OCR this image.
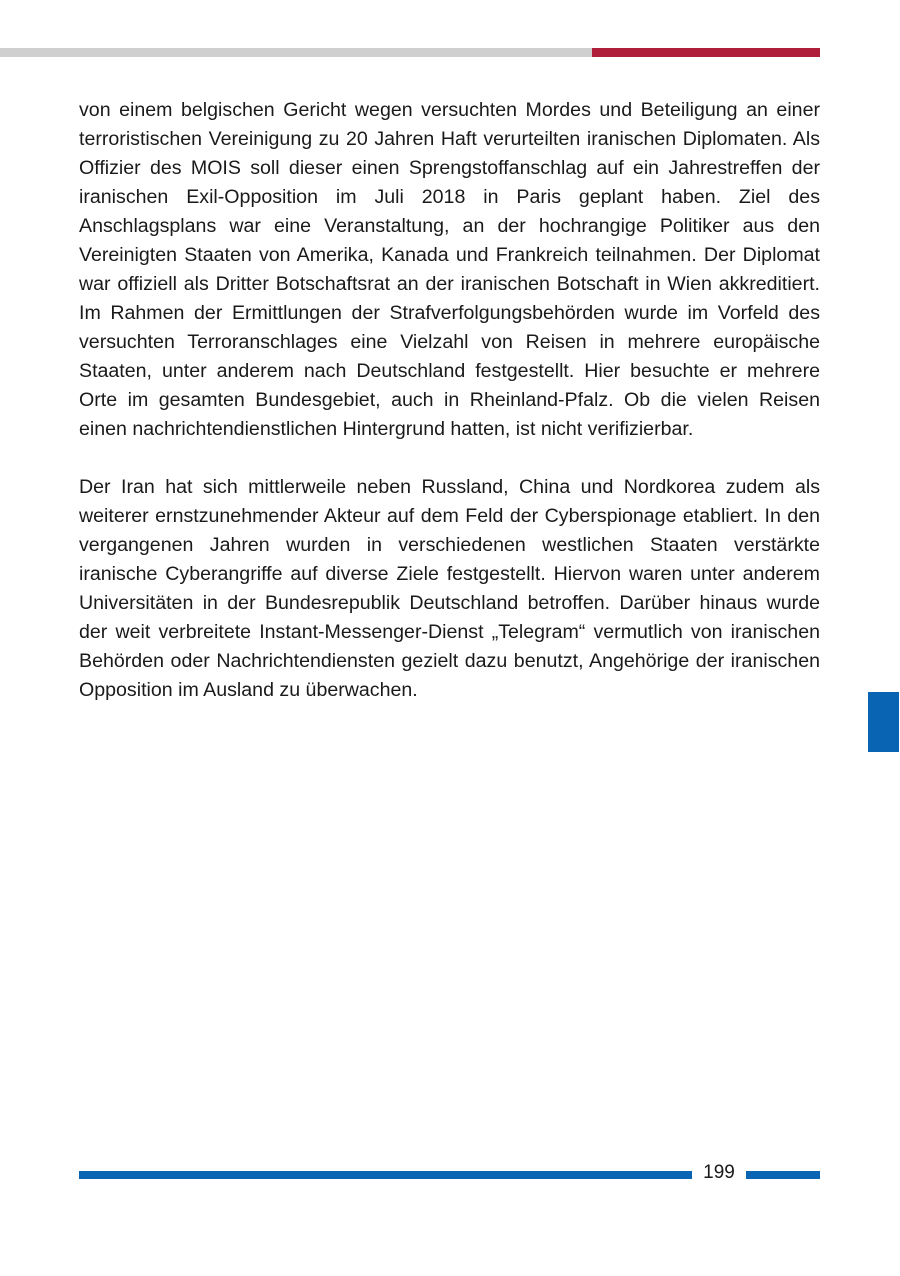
von einem belgischen Gericht wegen versuchten Mordes und Beteiligung an einer terroristischen Vereinigung zu 20 Jahren Haft verurteilten iranischen Diplomaten. Als Offizier des MOIS soll dieser einen Sprengstoffanschlag auf ein Jahrestreffen der iranischen Exil-Opposition im Juli 2018 in Paris geplant haben. Ziel des Anschlagsplans war eine Veranstaltung, an der hochrangige Politiker aus den Vereinigten Staaten von Amerika, Kanada und Frankreich teilnahmen. Der Diplomat war offiziell als Dritter Botschaftsrat an der iranischen Botschaft in Wien akkreditiert. Im Rahmen der Ermittlungen der Strafverfolgungsbehörden wurde im Vorfeld des versuchten Terroranschlages eine Vielzahl von Reisen in mehrere europäische Staaten, unter anderem nach Deutschland festgestellt. Hier besuchte er mehrere Orte im gesamten Bundesgebiet, auch in Rheinland-Pfalz. Ob die vielen Reisen einen nachrichtendienstlichen Hintergrund hatten, ist nicht verifizierbar.

Der Iran hat sich mittlerweile neben Russland, China und Nordkorea zudem als weiterer ernstzunehmender Akteur auf dem Feld der Cyberspionage etabliert. In den vergangenen Jahren wurden in verschiedenen westlichen Staaten verstärkte iranische Cyberangriffe auf diverse Ziele festgestellt. Hiervon waren unter anderem Universitäten in der Bundesrepublik Deutschland betroffen. Darüber hinaus wurde der weit verbreitete Instant-Messenger-Dienst „Telegram“ vermutlich von iranischen Behörden oder Nachrichtendiensten gezielt dazu benutzt, Angehörige der iranischen Opposition im Ausland zu überwachen.

199
